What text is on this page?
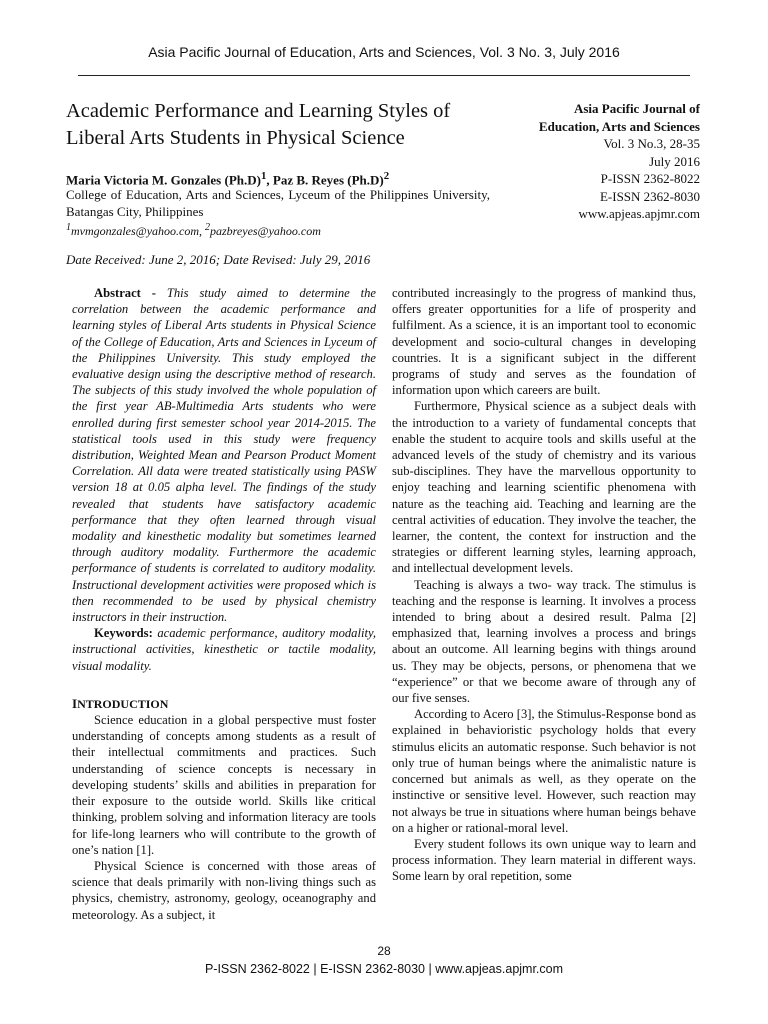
Asia Pacific Journal of Education, Arts and Sciences, Vol. 3 No. 3, July 2016
Academic Performance and Learning Styles of Liberal Arts Students in Physical Science
Asia Pacific Journal of
Education, Arts and Sciences
Vol. 3 No.3, 28-35
July 2016
P-ISSN 2362-8022
E-ISSN 2362-8030
www.apjeas.apjmr.com
Maria Victoria M. Gonzales $(Ph.D)^1$, Paz B. Reyes $(Ph.D)^2$
College of Education, Arts and Sciences, Lyceum of the Philippines University, Batangas City, Philippines
$^1$mvmgonzales@yahoo.com, $^2$pazbreyes@yahoo.com
Date Received: June 2, 2016; Date Revised: July 29, 2016

Abstract - This study aimed to determine the correlation between the academic performance and learning styles of Liberal Arts students in Physical Science of the College of Education, Arts and Sciences in Lyceum of the Philippines University. This study employed the evaluative design using the descriptive method of research. The subjects of this study involved the whole population of the first year AB-Multimedia Arts students who were enrolled during first semester school year 2014-2015. The statistical tools used in this study were frequency distribution, Weighted Mean and Pearson Product Moment Correlation. All data were treated statistically using PASW version 18 at 0.05 alpha level. The findings of the study revealed that students have satisfactory academic performance that they often learned through visual modality and kinesthetic modality but sometimes learned through auditory modality. Furthermore the academic performance of students is correlated to auditory modality. Instructional development activities were proposed which is then recommended to be used by physical chemistry instructors in their instruction.

Keywords: academic performance, auditory modality, instructional activities, kinesthetic or tactile modality, visual modality.

INTRODUCTION

Science education in a global perspective must foster understanding of concepts among students as a result of their intellectual commitments and practices. Such understanding of science concepts is necessary in developing students’ skills and abilities in preparation for their exposure to the outside world. Skills like critical thinking, problem solving and information literacy are tools for life-long learners who will contribute to the growth of one’s nation [1].

Physical Science is concerned with those areas of science that deals primarily with non-living things such as physics, chemistry, astronomy, geology, oceanography and meteorology. As a subject, it

contributed increasingly to the progress of mankind thus, offers greater opportunities for a life of prosperity and fulfilment. As a science, it is an important tool to economic development and socio-cultural changes in developing countries. It is a significant subject in the different programs of study and serves as the foundation of information upon which careers are built.

Furthermore, Physical science as a subject deals with the introduction to a variety of fundamental concepts that enable the student to acquire tools and skills useful at the advanced levels of the study of chemistry and its various sub-disciplines. They have the marvellous opportunity to enjoy teaching and learning scientific phenomena with nature as the teaching aid. Teaching and learning are the central activities of education. They involve the teacher, the learner, the content, the context for instruction and the strategies or different learning styles, learning approach, and intellectual development levels.

Teaching is always a two- way track. The stimulus is teaching and the response is learning. It involves a process intended to bring about a desired result. Palma [2] emphasized that, learning involves a process and brings about an outcome. All learning begins with things around us. They may be objects, persons, or phenomena that we “experience” or that we become aware of through any of our five senses.

According to Acero [3], the Stimulus-Response bond as explained in behavioristic psychology holds that every stimulus elicits an automatic response. Such behavior is not only true of human beings where the animalistic nature is concerned but animals as well, as they operate on the instinctive or sensitive level. However, such reaction may not always be true in situations where human beings behave on a higher or rational-moral level.

Every student follows its own unique way to learn and process information. They learn material in different ways. Some learn by oral repetition, some

28
P-ISSN 2362-8022 | E-ISSN 2362-8030 | www.apjeas.apjmr.com
